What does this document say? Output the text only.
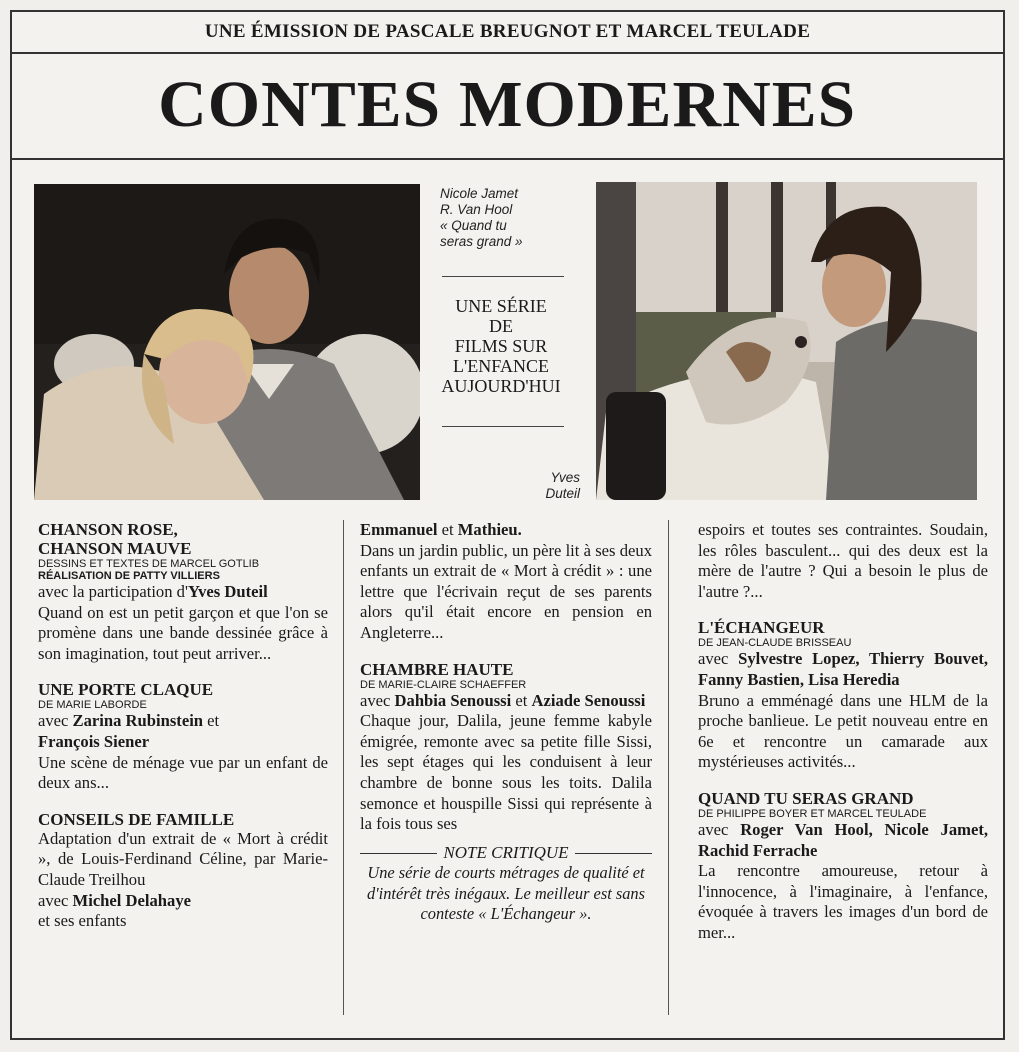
UNE ÉMISSION DE PASCALE BREUGNOT ET MARCEL TEULADE
CONTES MODERNES
Nicole Jamet
R. Van Hool
« Quand tu
seras grand »
UNE SÉRIE
DE
FILMS SUR
L'ENFANCE
AUJOURD'HUI
Yves
Duteil
CHANSON ROSE,
CHANSON MAUVE
DESSINS ET TEXTES DE MARCEL GOTLIB
RÉALISATION DE PATTY VILLIERS

avec la participation d'Yves Duteil

Quand on est un petit garçon et que l'on se promène dans une bande dessinée grâce à son imagination, tout peut arriver...

UNE PORTE CLAQUE
DE MARIE LABORDE

avec Zarina Rubinstein et
François Siener

Une scène de ménage vue par un enfant de deux ans...

CONSEILS DE FAMILLE

Adaptation d'un extrait de « Mort à crédit », de Louis-Ferdinand Céline, par Marie-Claude Treilhou

avec Michel Delahaye

et ses enfants

Emmanuel et Mathieu.

Dans un jardin public, un père lit à ses deux enfants un extrait de « Mort à crédit » : une lettre que l'écrivain reçut de ses parents alors qu'il était encore en pension en Angleterre...

CHAMBRE HAUTE
DE MARIE-CLAIRE SCHAEFFER

avec Dahbia Senoussi et Aziade Senoussi

Chaque jour, Dalila, jeune femme kabyle émigrée, remonte avec sa petite fille Sissi, les sept étages qui les conduisent à leur chambre de bonne sous les toits. Dalila semonce et houspille Sissi qui représente à la fois tous ses

NOTE CRITIQUE

Une série de courts métrages de qualité et d'intérêt très inégaux. Le meilleur est sans conteste « L'Échangeur ».

espoirs et toutes ses contraintes. Soudain, les rôles basculent... qui des deux est la mère de l'autre ? Qui a besoin le plus de l'autre ?...

L'ÉCHANGEUR
DE JEAN-CLAUDE BRISSEAU

avec Sylvestre Lopez, Thierry Bouvet, Fanny Bastien, Lisa Heredia

Bruno a emménagé dans une HLM de la proche banlieue. Le petit nouveau entre en 6e et rencontre un camarade aux mystérieuses activités...

QUAND TU SERAS GRAND
DE PHILIPPE BOYER ET MARCEL TEULADE

avec Roger Van Hool, Nicole Jamet, Rachid Ferrache

La rencontre amoureuse, retour à l'innocence, à l'imaginaire, à l'enfance, évoquée à travers les images d'un bord de mer...
